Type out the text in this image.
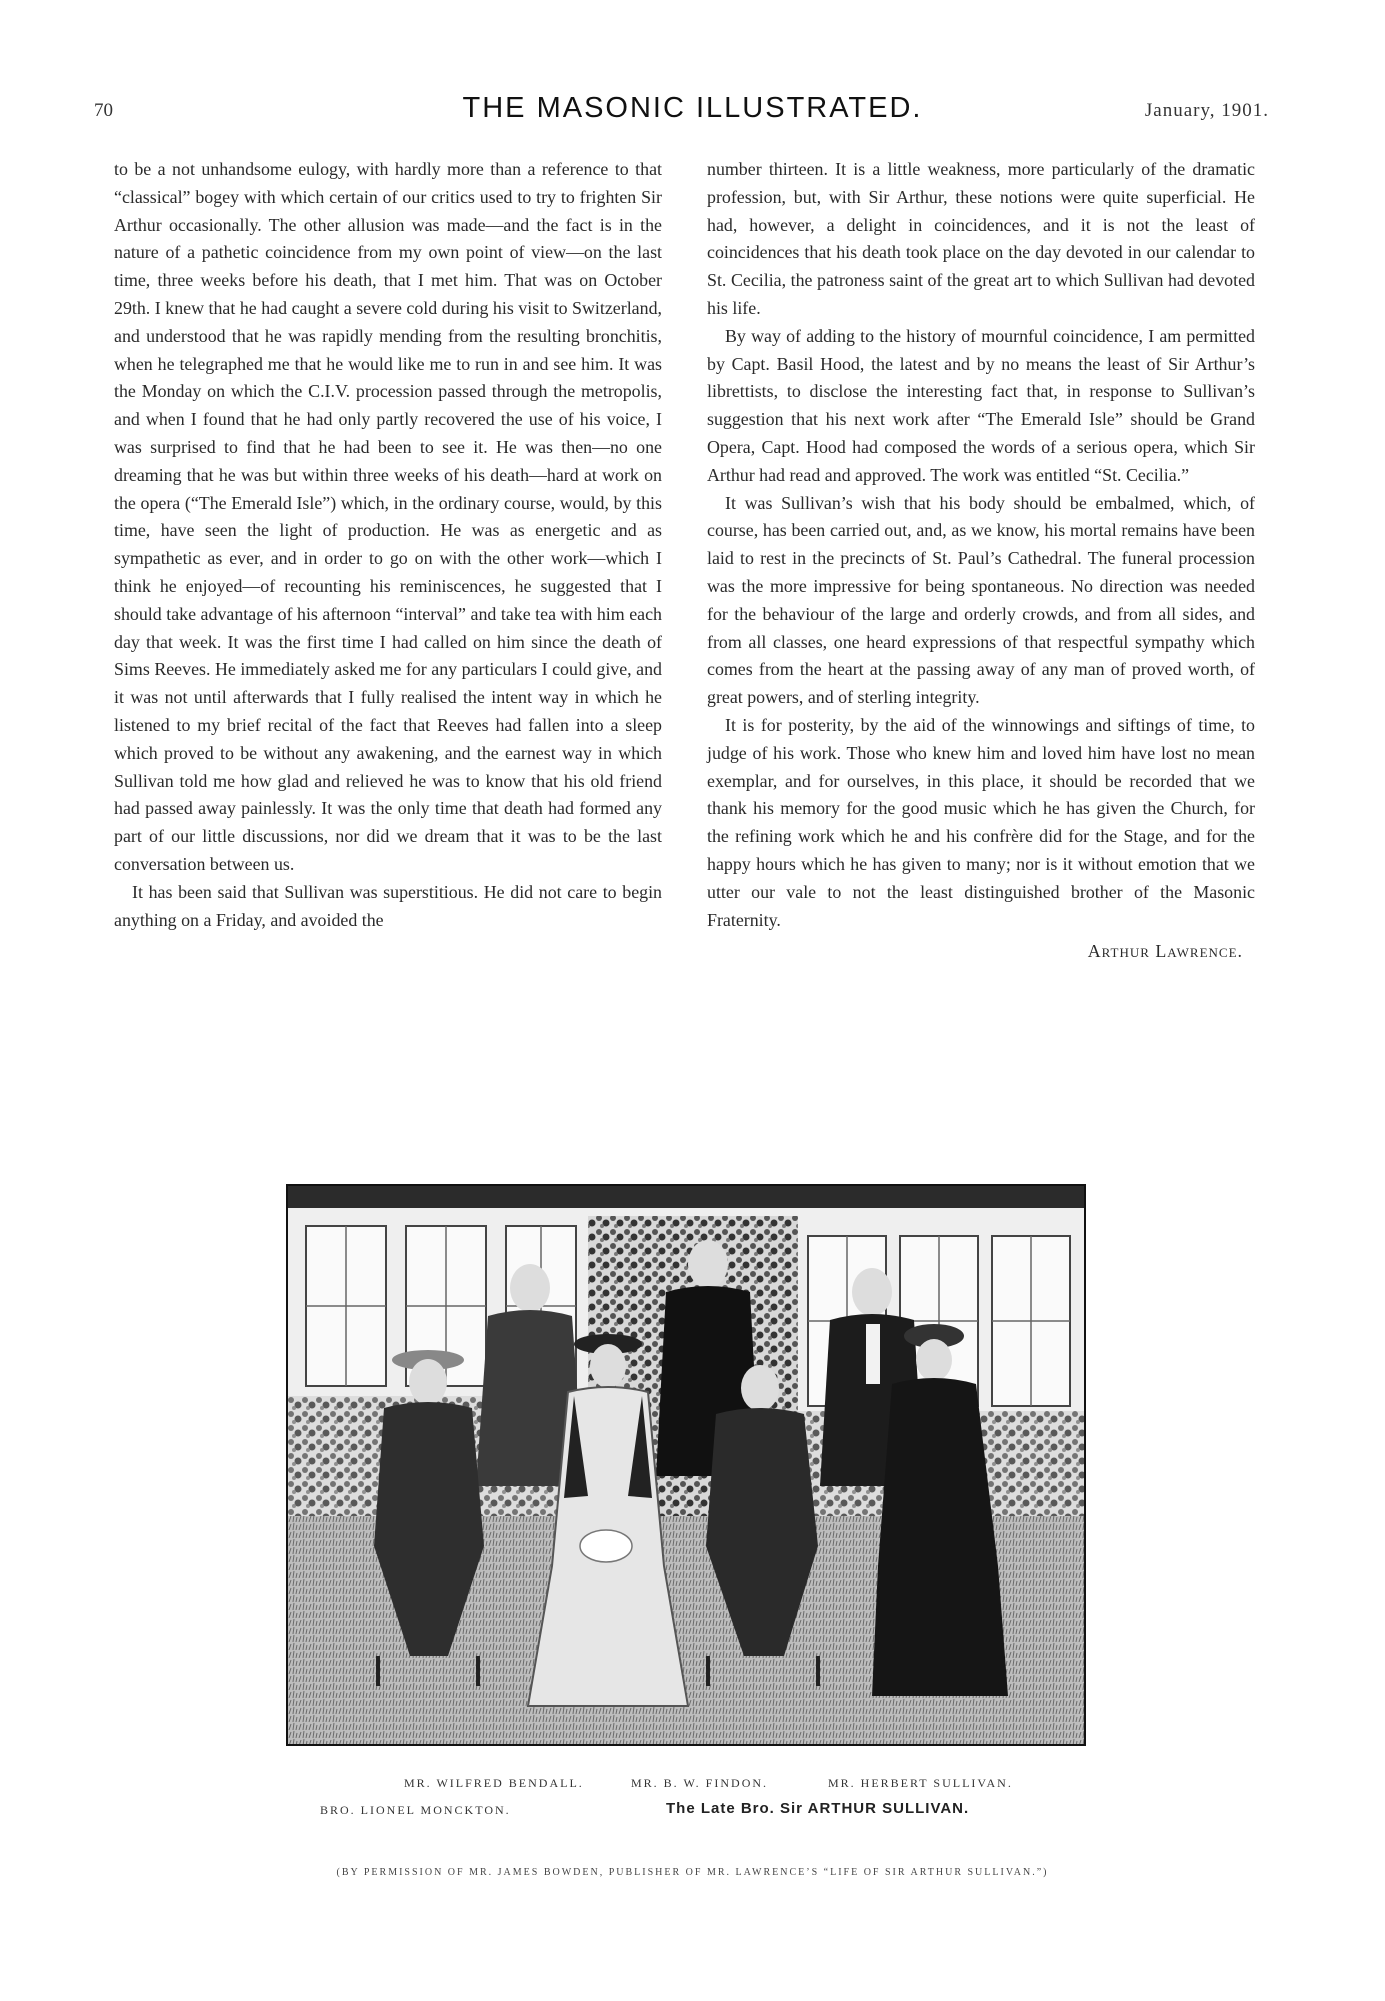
70	THE MASONIC ILLUSTRATED.	January, 1901.

to be a not unhandsome eulogy, with hardly more than a reference to that “classical” bogey with which certain of our critics used to try to frighten Sir Arthur occasionally. The other allusion was made—and the fact is in the nature of a pathetic coincidence from my own point of view—on the last time, three weeks before his death, that I met him. That was on October 29th. I knew that he had caught a severe cold during his visit to Switzerland, and understood that he was rapidly mending from the resulting bronchitis, when he telegraphed me that he would like me to run in and see him. It was the Monday on which the C.I.V. procession passed through the metropolis, and when I found that he had only partly recovered the use of his voice, I was surprised to find that he had been to see it. He was then—no one dreaming that he was but within three weeks of his death—hard at work on the opera (“The Emerald Isle”) which, in the ordinary course, would, by this time, have seen the light of production. He was as energetic and as sympathetic as ever, and in order to go on with the other work—which I think he enjoyed—of recounting his reminiscences, he suggested that I should take advantage of his afternoon “interval” and take tea with him each day that week. It was the first time I had called on him since the death of Sims Reeves. He immediately asked me for any particulars I could give, and it was not until afterwards that I fully realised the intent way in which he listened to my brief recital of the fact that Reeves had fallen into a sleep which proved to be without any awakening, and the earnest way in which Sullivan told me how glad and relieved he was to know that his old friend had passed away painlessly. It was the only time that death had formed any part of our little discussions, nor did we dream that it was to be the last conversation between us.

It has been said that Sullivan was superstitious. He did not care to begin anything on a Friday, and avoided the

number thirteen. It is a little weakness, more particularly of the dramatic profession, but, with Sir Arthur, these notions were quite superficial. He had, however, a delight in coincidences, and it is not the least of coincidences that his death took place on the day devoted in our calendar to St. Cecilia, the patroness saint of the great art to which Sullivan had devoted his life.

By way of adding to the history of mournful coincidence, I am permitted by Capt. Basil Hood, the latest and by no means the least of Sir Arthur’s librettists, to disclose the interesting fact that, in response to Sullivan’s suggestion that his next work after “The Emerald Isle” should be Grand Opera, Capt. Hood had composed the words of a serious opera, which Sir Arthur had read and approved. The work was entitled “St. Cecilia.”

It was Sullivan’s wish that his body should be embalmed, which, of course, has been carried out, and, as we know, his mortal remains have been laid to rest in the precincts of St. Paul’s Cathedral. The funeral procession was the more impressive for being spontaneous. No direction was needed for the behaviour of the large and orderly crowds, and from all sides, and from all classes, one heard expressions of that respectful sympathy which comes from the heart at the passing away of any man of proved worth, of great powers, and of sterling integrity.

It is for posterity, by the aid of the winnowings and siftings of time, to judge of his work. Those who knew him and loved him have lost no mean exemplar, and for ourselves, in this place, it should be recorded that we thank his memory for the good music which he has given the Church, for the refining work which he and his confrère did for the Stage, and for the happy hours which he has given to many; nor is it without emotion that we utter our vale to not the least distinguished brother of the Masonic Fraternity.

Arthur Lawrence.
MR. WILFRED BENDALL.	MR. B. W. FINDON.	MR. HERBERT SULLIVAN.
BRO. LIONEL MONCKTON.	The Late Bro. Sir ARTHUR SULLIVAN.
(BY PERMISSION OF MR. JAMES BOWDEN, PUBLISHER OF MR. LAWRENCE’S “LIFE OF SIR ARTHUR SULLIVAN.”)
